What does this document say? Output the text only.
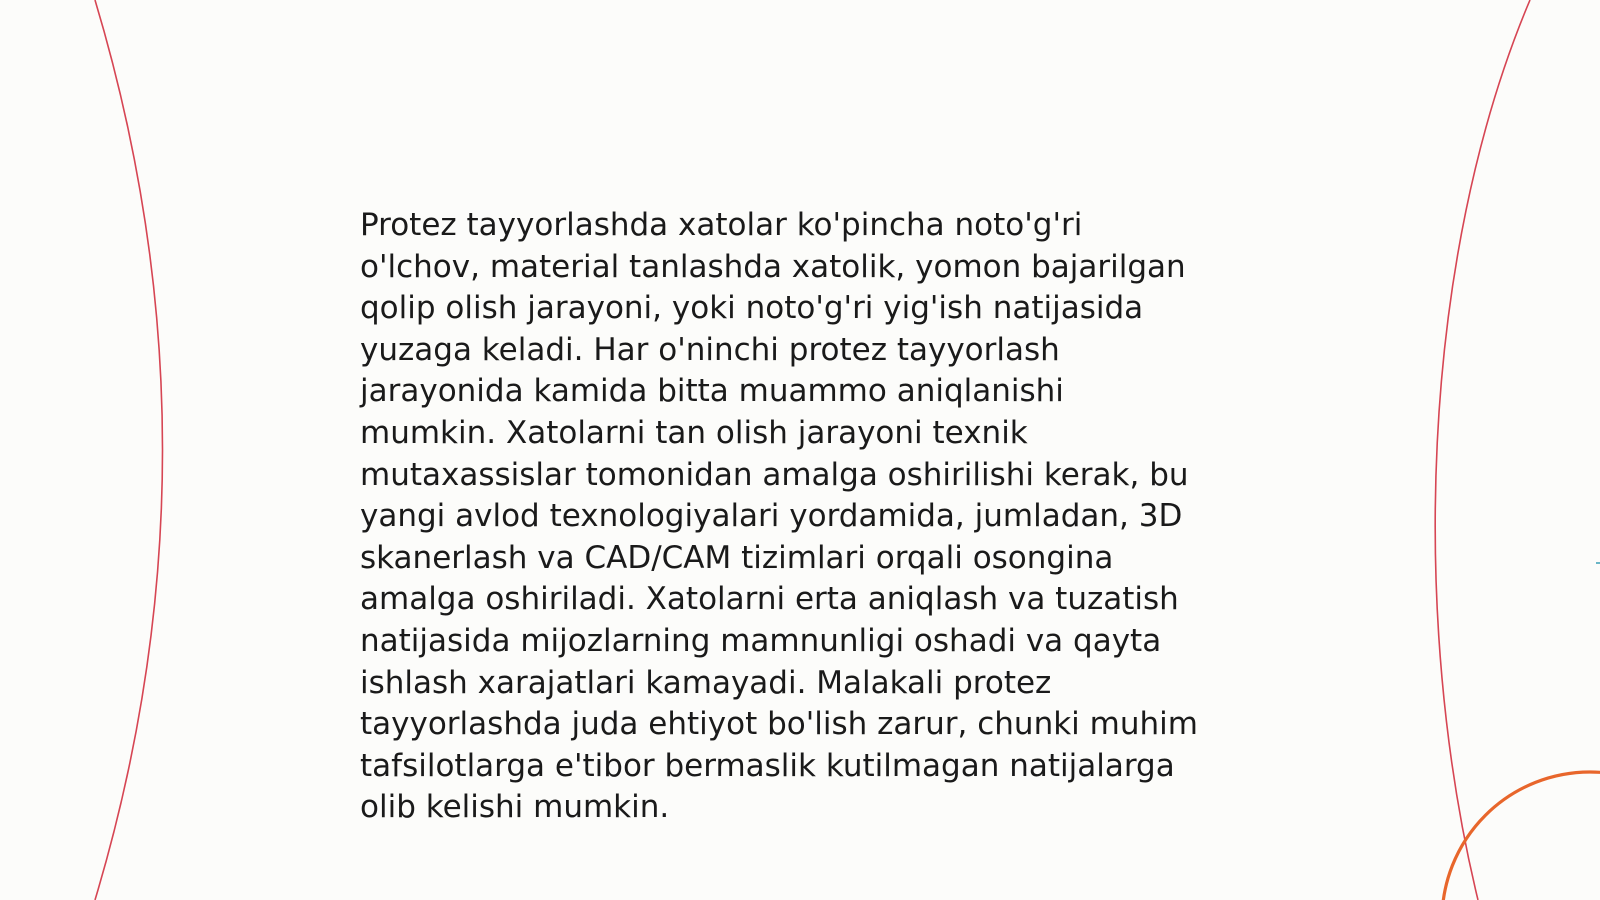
Protez tayyorlashda xatolar ko'pincha noto'g'ri
o'lchov, material tanlashda xatolik, yomon bajarilgan
qolip olish jarayoni, yoki noto'g'ri yig'ish natijasida
yuzaga keladi. Har o'ninchi protez tayyorlash
jarayonida kamida bitta muammo aniqlanishi
mumkin. Xatolarni tan olish jarayoni texnik
mutaxassislar tomonidan amalga oshirilishi kerak, bu
yangi avlod texnologiyalari yordamida, jumladan, 3D
skanerlash va CAD/CAM tizimlari orqali osongina
amalga oshiriladi. Xatolarni erta aniqlash va tuzatish
natijasida mijozlarning mamnunligi oshadi va qayta
ishlash xarajatlari kamayadi. Malakali protez
tayyorlashda juda ehtiyot bo'lish zarur, chunki muhim
tafsilotlarga e'tibor bermaslik kutilmagan natijalarga
olib kelishi mumkin.
